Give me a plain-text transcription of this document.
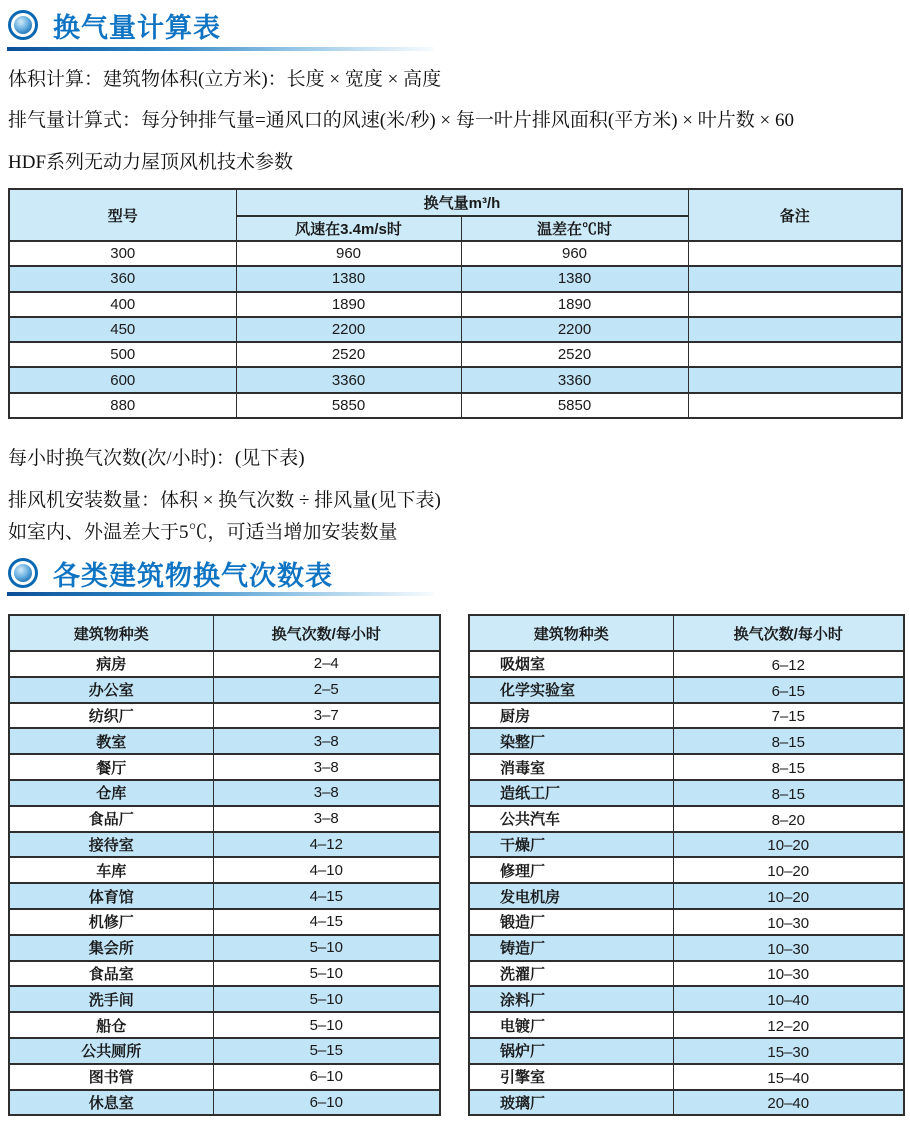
换气量计算表
体积计算：建筑物体积(立方米)：长度 × 宽度 × 高度
排气量计算式：每分钟排气量=通风口的风速(米/秒) × 每一叶片排风面积(平方米) × 叶片数 × 60
HDF系列无动力屋顶风机技术参数
型号	换气量m³/h		备注
	风速在3.4m/s时	温差在℃时	
300	960	960	
360	1380	1380	
400	1890	1890	
450	2200	2200	
500	2520	2520	
600	3360	3360	
880	5850	5850	
每小时换气次数(次/小时)：(见下表)
排风机安装数量：体积 × 换气次数 ÷ 排风量(见下表)
如室内、外温差大于5℃，可适当增加安装数量
各类建筑物换气次数表
建筑物种类	换气次数/每小时
病房	2–4
办公室	2–5
纺织厂	3–7
教室	3–8
餐厅	3–8
仓库	3–8
食品厂	3–8
接待室	4–12
车库	4–10
体育馆	4–15
机修厂	4–15
集会所	5–10
食品室	5–10
洗手间	5–10
船仓	5–10
公共厕所	5–15
图书管	6–10
休息室	6–10
建筑物种类	换气次数/每小时
吸烟室	6–12
化学实验室	6–15
厨房	7–15
染整厂	8–15
消毒室	8–15
造纸工厂	8–15
公共汽车	8–20
干燥厂	10–20
修理厂	10–20
发电机房	10–20
锻造厂	10–30
铸造厂	10–30
洗濯厂	10–30
涂料厂	10–40
电镀厂	12–20
锅炉厂	15–30
引擎室	15–40
玻璃厂	20–40
